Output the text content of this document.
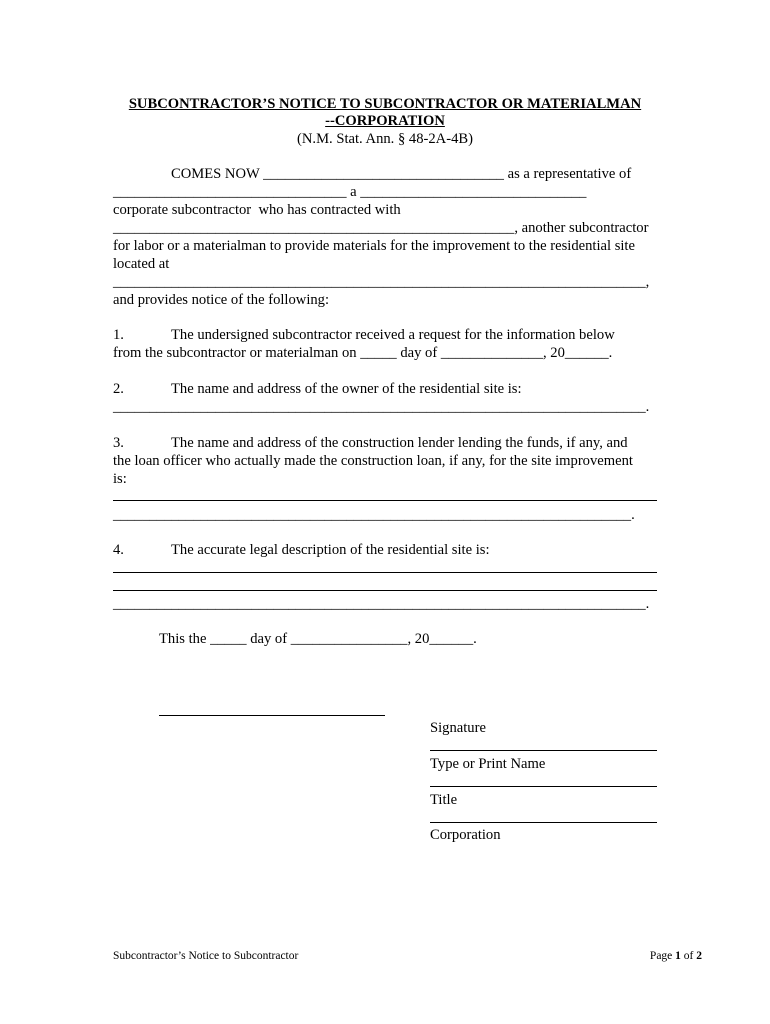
SUBCONTRACTOR’S NOTICE TO SUBCONTRACTOR OR MATERIALMAN
--CORPORATION
(N.M. Stat. Ann. § 48-2A-4B)
COMES NOW _________________________________ as a representative of
________________________________ a _______________________________
corporate subcontractor  who has contracted with
_______________________________________________________, another subcontractor
for labor or a materialman to provide materials for the improvement to the residential site
located at
_________________________________________________________________________,
and provides notice of the following:
1.	The undersigned subcontractor received a request for the information below
from the subcontractor or materialman on _____ day of ______________, 20______.
2.	The name and address of the owner of the residential site is:
_________________________________________________________________________.
3.	The name and address of the construction lender lending the funds, if any, and
the loan officer who actually made the construction loan, if any, for the site improvement
is:
_______________________________________________________________________.
4.	The accurate legal description of the residential site is:
_________________________________________________________________________.
This the _____ day of ________________, 20______.
Signature
Type or Print Name
Title
Corporation
Subcontractor’s Notice to Subcontractor	Page 1 of 2
